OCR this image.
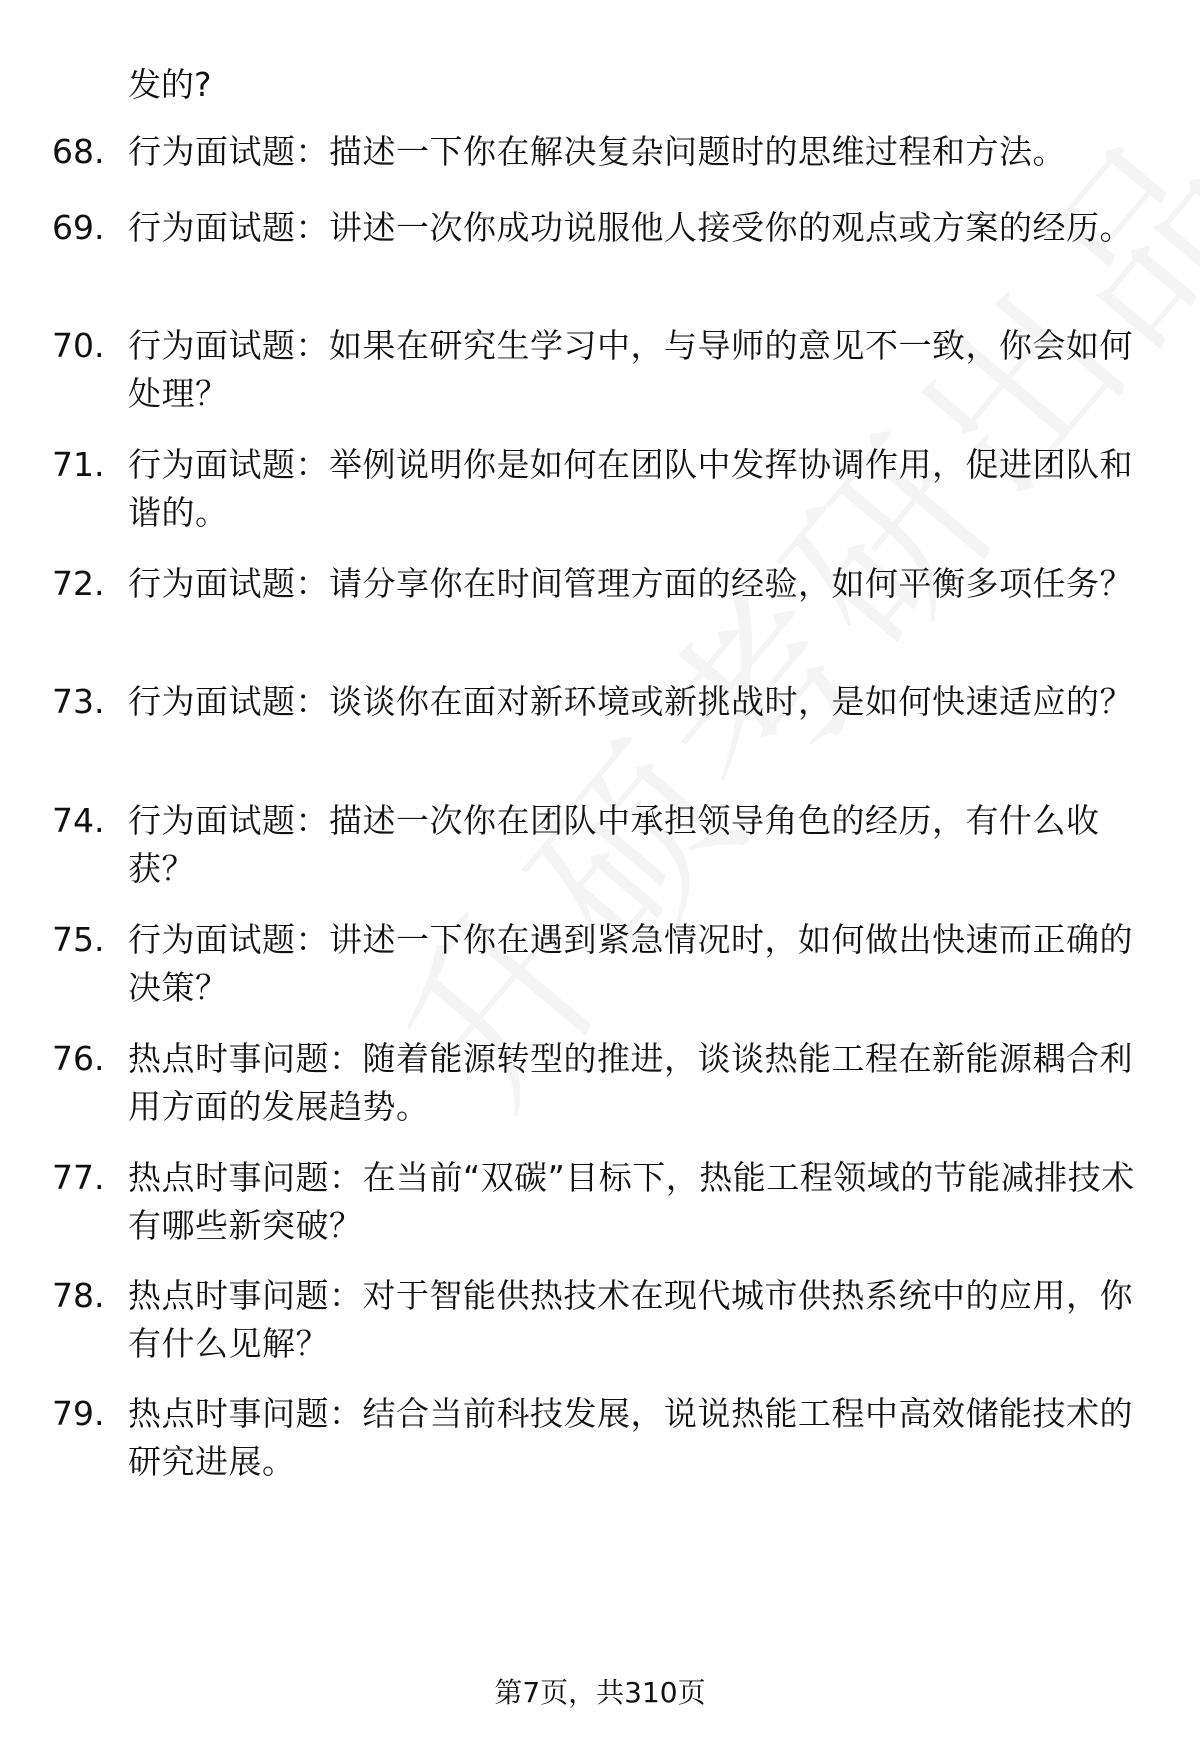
发的?
68. 行为面试题：描述一下你在解决复杂问题时的思维过程和方法。
69. 行为面试题：讲述一次你成功说服他人接受你的观点或方案的经历。
70. 行为面试题：如果在研究生学习中，与导师的意见不一致，你会如何处理？
71. 行为面试题：举例说明你是如何在团队中发挥协调作用，促进团队和谐的。
72. 行为面试题：请分享你在时间管理方面的经验，如何平衡多项任务？
73. 行为面试题：谈谈你在面对新环境或新挑战时，是如何快速适应的？
74. 行为面试题：描述一次你在团队中承担领导角色的经历，有什么收获？
75. 行为面试题：讲述一下你在遇到紧急情况时，如何做出快速而正确的决策？
76. 热点时事问题：随着能源转型的推进，谈谈热能工程在新能源耦合利用方面的发展趋势。
77. 热点时事问题：在当前“双碳”目标下，热能工程领域的节能减排技术有哪些新突破？
78. 热点时事问题：对于智能供热技术在现代城市供热系统中的应用，你有什么见解？
79. 热点时事问题：结合当前科技发展，说说热能工程中高效储能技术的研究进展。
第7页，共310页
